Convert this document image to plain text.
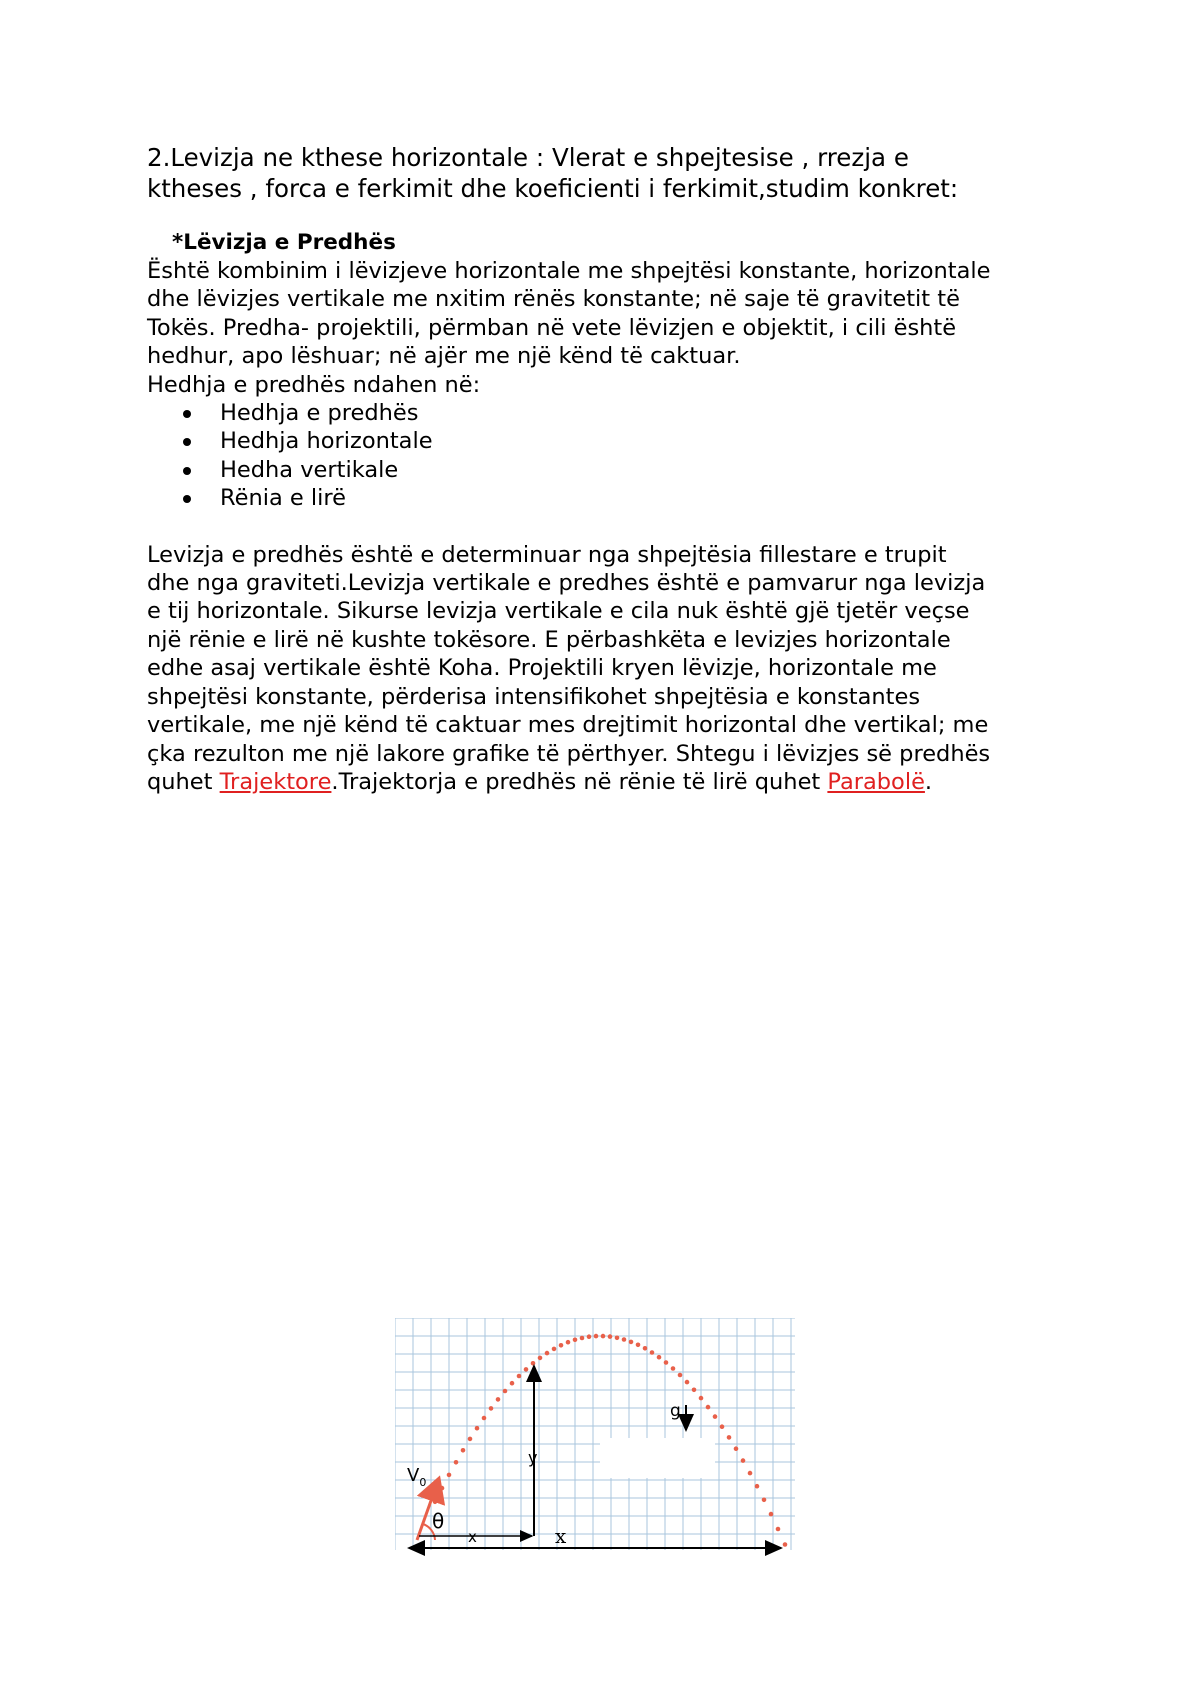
2.Levizja ne kthese horizontale : Vlerat e shpejtesise , rrezja e
ktheses , forca e ferkimit dhe koeficienti i ferkimit,studim konkret:

*Lëvizja e Predhës

Është kombinim i lëvizjeve horizontale me shpejtësi konstante, horizontale
dhe lëvizjes vertikale me nxitim rënës konstante; në saje të gravitetit të
Tokës. Predha- projektili, përmban në vete lëvizjen e objektit, i cili është
hedhur, apo lëshuar; në ajër me një kënd të caktuar.
Hedhja e predhës ndahen në:

Hedhja e predhës
Hedhja horizontale
Hedha vertikale
Rënia e lirë

Levizja e predhës është e determinuar nga shpejtësia fillestare e trupit
dhe nga graviteti.Levizja vertikale e predhes është e pamvarur nga levizja
e tij horizontale. Sikurse levizja vertikale e cila nuk është gjë tjetër veçse
një rënie e lirë në kushte tokësore. E përbashkëta e levizjes horizontale
edhe asaj vertikale është Koha. Projektili kryen lëvizje, horizontale me
shpejtësi konstante, përderisa intensifikohet shpejtësia e konstantes
vertikale, me një kënd të caktuar mes drejtimit horizontal dhe vertikal; me
çka rezulton me një lakore grafike të përthyer. Shtegu i lëvizjes së predhës
quhet Trajektore.Trajektorja e predhës në rënie të lirë quhet Parabolë.

$V_0$
θ
x	x
y
g
